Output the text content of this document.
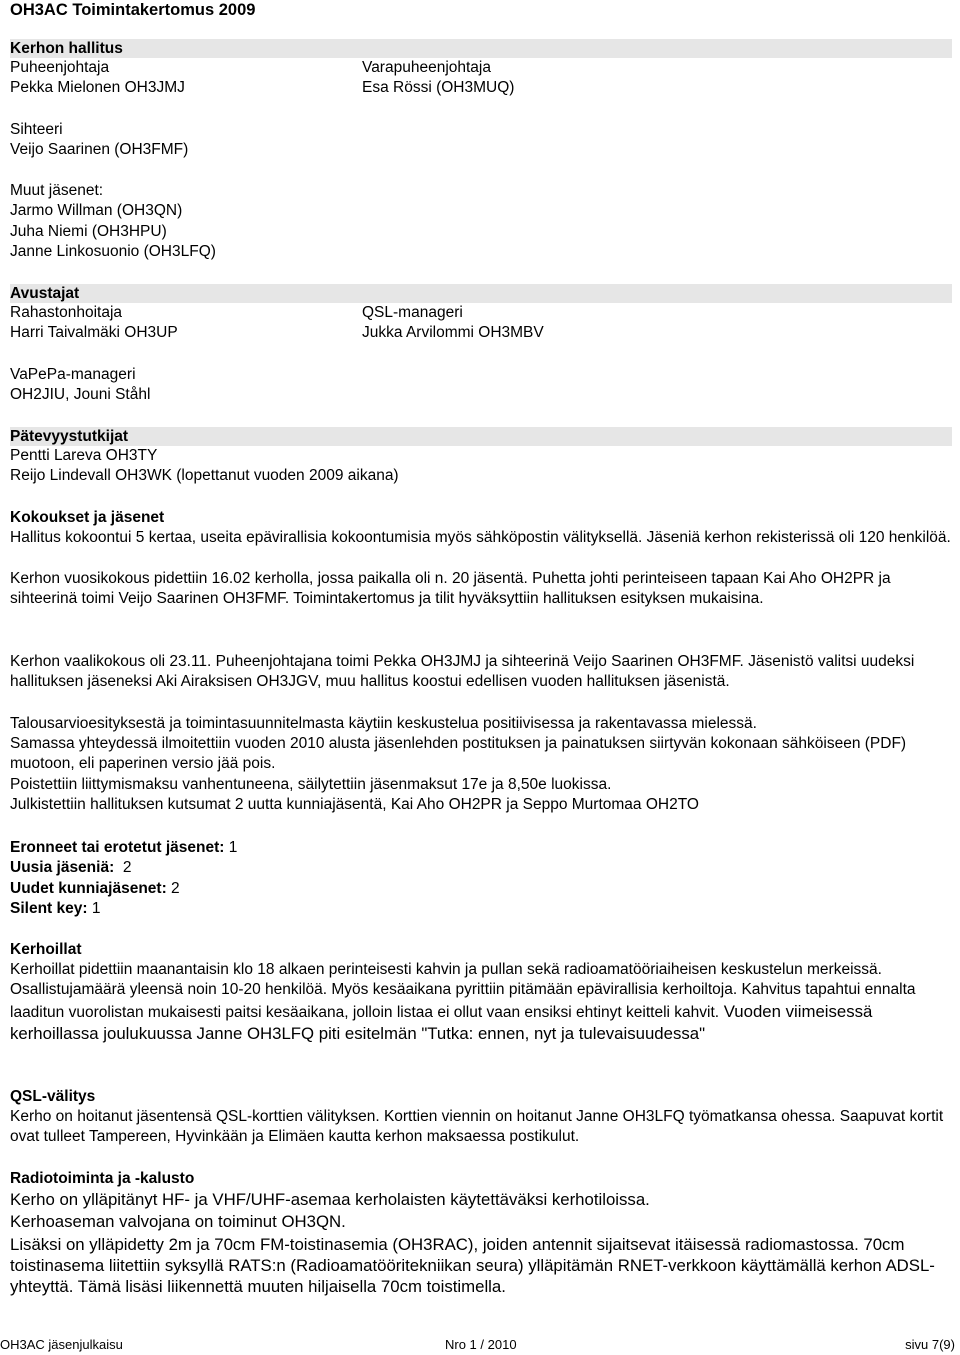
OH3AC Toimintakertomus 2009
Kerhon hallitus
Puheenjohtaja
Pekka Mielonen OH3JMJ
Varapuheenjohtaja
Esa Rössi (OH3MUQ)
Sihteeri
Veijo Saarinen (OH3FMF)
Muut jäsenet:
Jarmo Willman (OH3QN)
Juha Niemi (OH3HPU)
Janne Linkosuonio (OH3LFQ)
Avustajat
Rahastonhoitaja
Harri Taivalmäki OH3UP
QSL-manageri
Jukka Arvilommi OH3MBV
VaPePa-manageri
OH2JIU, Jouni Ståhl
Pätevyystutkijat
Pentti Lareva OH3TY
Reijo Lindevall OH3WK (lopettanut vuoden 2009 aikana)
Kokoukset ja jäsenet
Hallitus kokoontui 5 kertaa, useita epävirallisia kokoontumisia myös sähköpostin välityksellä. Jäseniä kerhon rekisterissä oli 120 henkilöä.
Kerhon vuosikokous pidettiin 16.02 kerholla, jossa paikalla oli n. 20 jäsentä. Puhetta johti perinteiseen tapaan Kai Aho OH2PR ja sihteerinä toimi Veijo Saarinen OH3FMF. Toimintakertomus ja tilit hyväksyttiin hallituksen esityksen mukaisina.
Kerhon vaalikokous oli 23.11. Puheenjohtajana toimi Pekka OH3JMJ ja sihteerinä Veijo Saarinen OH3FMF. Jäsenistö valitsi uudeksi hallituksen jäseneksi Aki Airaksisen OH3JGV, muu hallitus koostui edellisen vuoden hallituksen jäsenistä.
Talousarvioesityksestä ja toimintasuunnitelmasta käytiin keskustelua positiivisessa ja rakentavassa mielessä.
Samassa yhteydessä ilmoitettiin vuoden 2010 alusta jäsenlehden postituksen ja painatuksen siirtyvän kokonaan sähköiseen (PDF) muotoon, eli paperinen versio jää pois.
Poistettiin liittymismaksu vanhentuneena, säilytettiin jäsenmaksut 17e ja 8,50e luokissa.
Julkistettiin hallituksen kutsumat 2 uutta kunniajäsentä, Kai Aho OH2PR ja Seppo Murtomaa OH2TO
Eronneet tai erotetut jäsenet: 1
Uusia jäseniä:  2
Uudet kunniajäsenet: 2
Silent key: 1
Kerhoillat
Kerhoillat pidettiin maanantaisin klo 18 alkaen perinteisesti kahvin ja pullan sekä radioamatööriaiheisen keskustelun merkeissä. Osallistujamäärä yleensä noin 10-20 henkilöä. Myös kesäaikana pyrittiin pitämään epävirallisia kerhoiltoja. Kahvitus tapahtui ennalta laaditun vuorolistan mukaisesti paitsi kesäaikana, jolloin listaa ei ollut vaan ensiksi ehtinyt keitteli kahvit. Vuoden viimeisessä kerhoillassa joulukuussa Janne OH3LFQ piti esitelmän "Tutka: ennen, nyt ja tulevaisuudessa"
QSL-välitys
Kerho on hoitanut jäsentensä QSL-korttien välityksen. Korttien viennin on hoitanut Janne OH3LFQ työmatkansa ohessa. Saapuvat kortit ovat tulleet Tampereen, Hyvinkään ja Elimäen kautta kerhon maksaessa postikulut.
Radiotoiminta ja -kalusto
Kerho on ylläpitänyt HF- ja VHF/UHF-asemaa kerholaisten käytettäväksi kerhotiloissa.
Kerhoaseman valvojana on toiminut OH3QN.
Lisäksi on ylläpidetty 2m ja 70cm FM-toistinasemia (OH3RAC), joiden antennit sijaitsevat itäisessä radiomastossa. 70cm toistinasema liitettiin syksyllä RATS:n (Radioamatööritekniikan seura) ylläpitämän RNET-verkkoon käyttämällä kerhon ADSL-yhteyttä. Tämä lisäsi liikennettä muuten hiljaisella 70cm toistimella.
OH3AC jäsenjulkaisu	Nro 1 / 2010	sivu 7(9)
